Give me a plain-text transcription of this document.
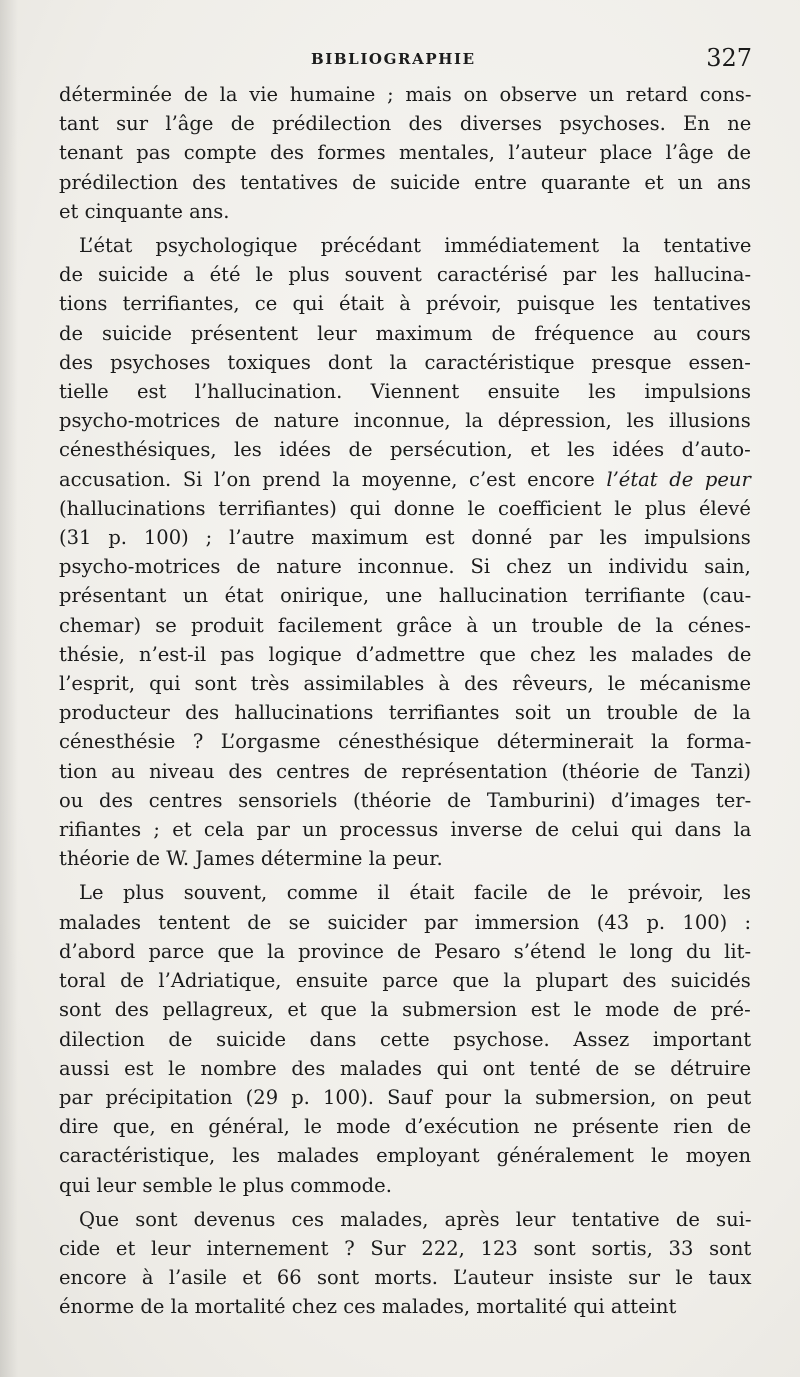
BIBLIOGRAPHIE	327

déterminée de la vie humaine ; mais on observe un retard cons-
tant sur l’âge de prédilection des diverses psychoses. En ne
tenant pas compte des formes mentales, l’auteur place l’âge de
prédilection des tentatives de suicide entre quarante et un ans
et cinquante ans.

L’état psychologique précédant immédiatement la tentative
de suicide a été le plus souvent caractérisé par les hallucina-
tions terrifiantes, ce qui était à prévoir, puisque les tentatives
de suicide présentent leur maximum de fréquence au cours
des psychoses toxiques dont la caractéristique presque essen-
tielle est l’hallucination. Viennent ensuite les impulsions
psycho-motrices de nature inconnue, la dépression, les illusions
cénesthésiques, les idées de persécution, et les idées d’auto-
accusation. Si l’on prend la moyenne, c’est encore l’état de peur
(hallucinations terrifiantes) qui donne le coefficient le plus élevé
(31 p. 100) ; l’autre maximum est donné par les impulsions
psycho-motrices de nature inconnue. Si chez un individu sain,
présentant un état onirique, une hallucination terrifiante (cau-
chemar) se produit facilement grâce à un trouble de la cénes-
thésie, n’est-il pas logique d’admettre que chez les malades de
l’esprit, qui sont très assimilables à des rêveurs, le mécanisme
producteur des hallucinations terrifiantes soit un trouble de la
cénesthésie ? L’orgasme cénesthésique déterminerait la forma-
tion au niveau des centres de représentation (théorie de Tanzi)
ou des centres sensoriels (théorie de Tamburini) d’images ter-
rifiantes ; et cela par un processus inverse de celui qui dans la
théorie de W. James détermine la peur.

Le plus souvent, comme il était facile de le prévoir, les
malades tentent de se suicider par immersion (43 p. 100) :
d’abord parce que la province de Pesaro s’étend le long du lit-
toral de l’Adriatique, ensuite parce que la plupart des suicidés
sont des pellagreux, et que la submersion est le mode de pré-
dilection de suicide dans cette psychose. Assez important
aussi est le nombre des malades qui ont tenté de se détruire
par précipitation (29 p. 100). Sauf pour la submersion, on peut
dire que, en général, le mode d’exécution ne présente rien de
caractéristique, les malades employant généralement le moyen
qui leur semble le plus commode.

Que sont devenus ces malades, après leur tentative de sui-
cide et leur internement ? Sur 222, 123 sont sortis, 33 sont
encore à l’asile et 66 sont morts. L’auteur insiste sur le taux
énorme de la mortalité chez ces malades, mortalité qui atteint
